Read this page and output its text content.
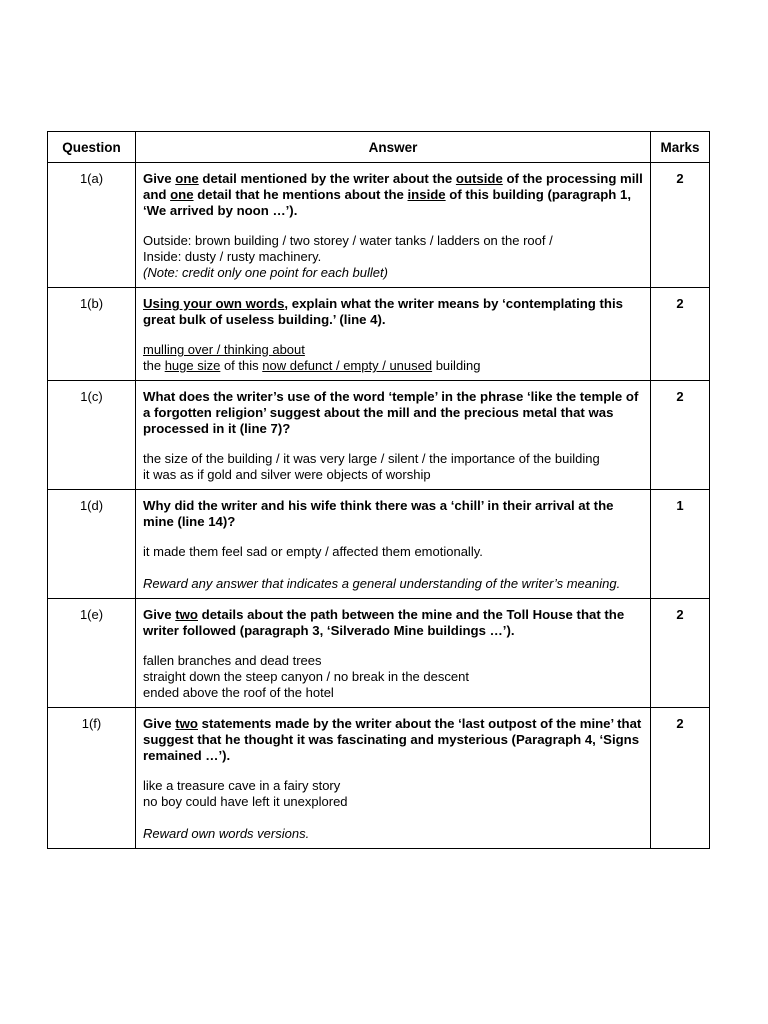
Question	Answer	Marks
1(a)	Give one detail mentioned by the writer about the outside of the processing mill and one detail that he mentions about the inside of this building (paragraph 1, ‘We arrived by noon …’).

Outside: brown building / two storey / water tanks / ladders on the roof /

Inside: dusty / rusty machinery.

(Note: credit only one point for each bullet)	2
1(b)	Using your own words, explain what the writer means by ‘contemplating this great bulk of useless building.’ (line 4).

mulling over / thinking about

the huge size of this now defunct / empty / unused building	2
1(c)	What does the writer’s use of the word ‘temple’ in the phrase ‘like the temple of a forgotten religion’ suggest about the mill and the precious metal that was processed in it (line 7)?

the size of the building / it was very large / silent / the importance of the building

it was as if gold and silver were objects of worship	2
1(d)	Why did the writer and his wife think there was a ‘chill’ in their arrival at the mine (line 14)?

it made them feel sad or empty / affected them emotionally.

Reward any answer that indicates a general understanding of the writer’s meaning.	1
1(e)	Give two details about the path between the mine and the Toll House that the writer followed (paragraph 3, ‘Silverado Mine buildings …’).

fallen branches and dead trees

straight down the steep canyon / no break in the descent

ended above the roof of the hotel	2
1(f)	Give two statements made by the writer about the ‘last outpost of the mine’ that suggest that he thought it was fascinating and mysterious (Paragraph 4, ‘Signs remained …’).

like a treasure cave in a fairy story

no boy could have left it unexplored

Reward own words versions.	2
